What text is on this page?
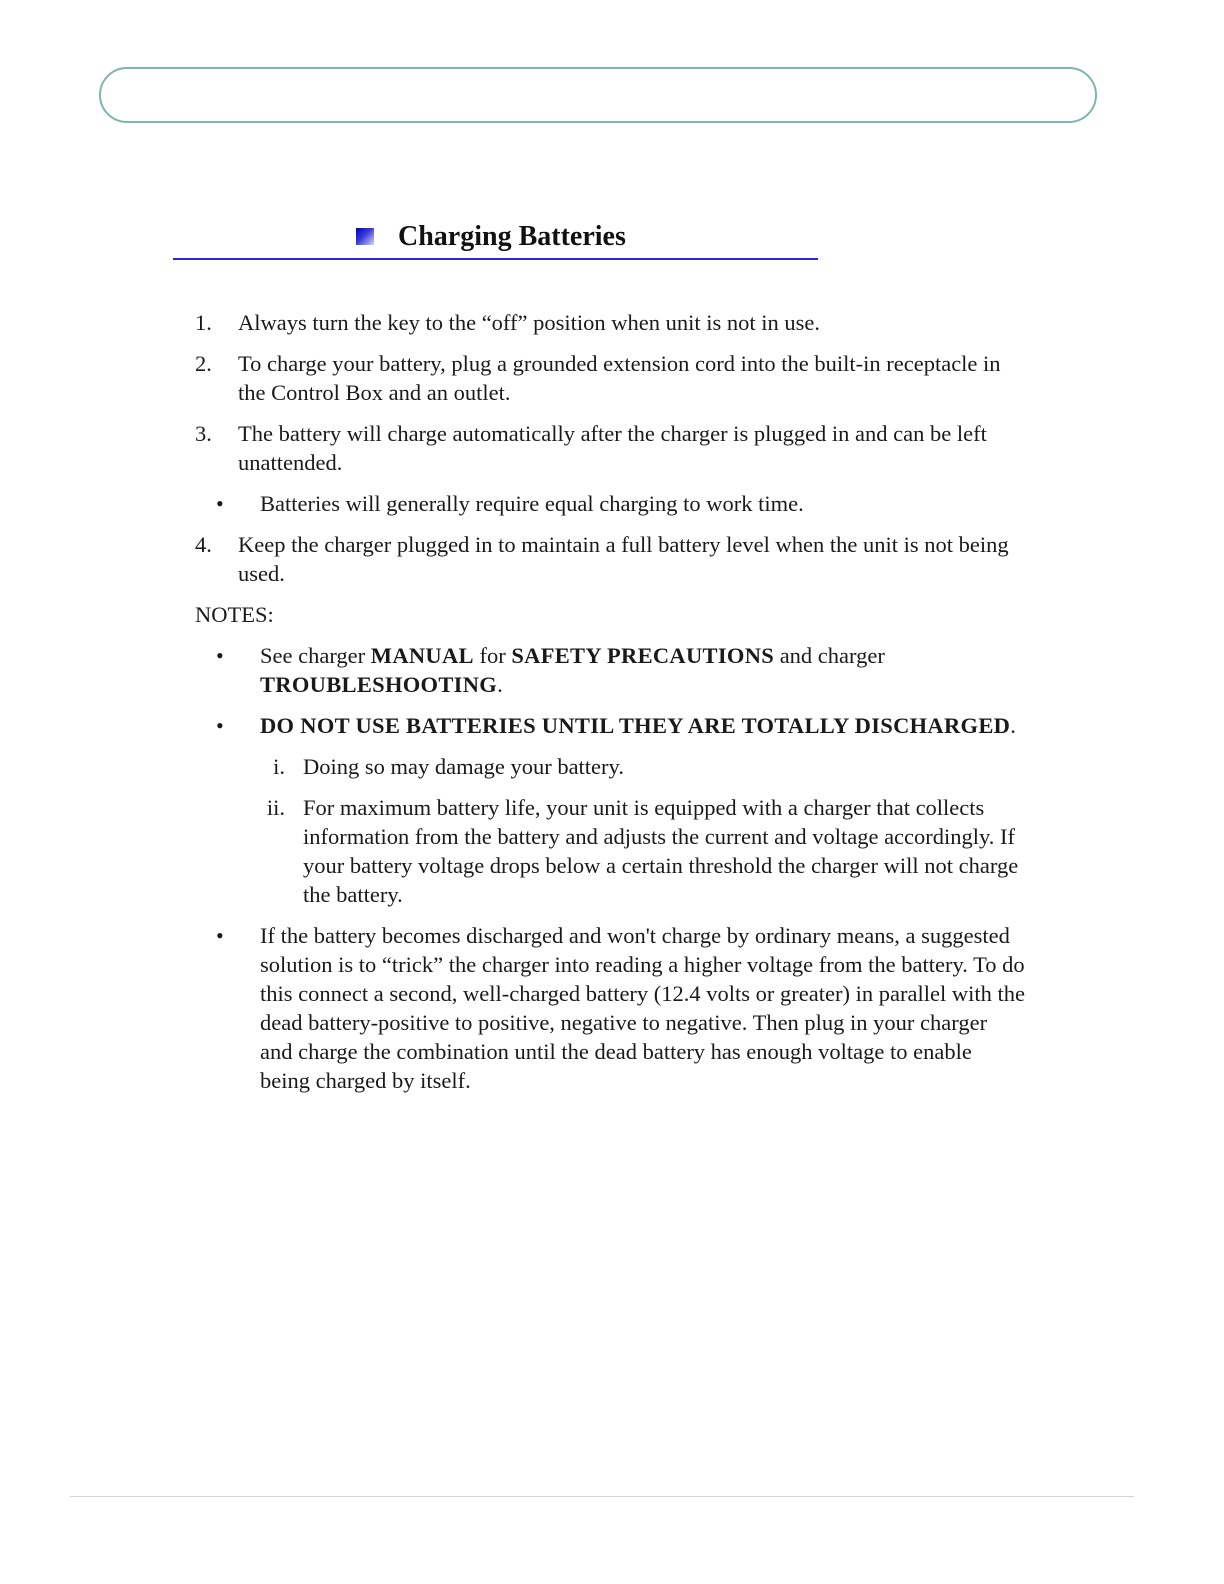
Charging Batteries
1. Always turn the key to the “off” position when unit is not in use.
2. To charge your battery, plug a grounded extension cord into the built-in receptacle in the Control Box and an outlet.
3. The battery will charge automatically after the charger is plugged in and can be left unattended.
• Batteries will generally require equal charging to work time.
4. Keep the charger plugged in to maintain a full battery level when the unit is not being used.
NOTES:
• See charger MANUAL for SAFETY PRECAUTIONS and charger TROUBLESHOOTING.
• DO NOT USE BATTERIES UNTIL THEY ARE TOTALLY DISCHARGED.
i. Doing so may damage your battery.
ii. For maximum battery life, your unit is equipped with a charger that collects information from the battery and adjusts the current and voltage accordingly. If your battery voltage drops below a certain threshold the charger will not charge the battery.
• If the battery becomes discharged and won't charge by ordinary means, a suggested solution is to “trick” the charger into reading a higher voltage from the battery. To do this connect a second, well-charged battery (12.4 volts or greater) in parallel with the dead battery-positive to positive, negative to negative. Then plug in your charger and charge the combination until the dead battery has enough voltage to enable being charged by itself.
